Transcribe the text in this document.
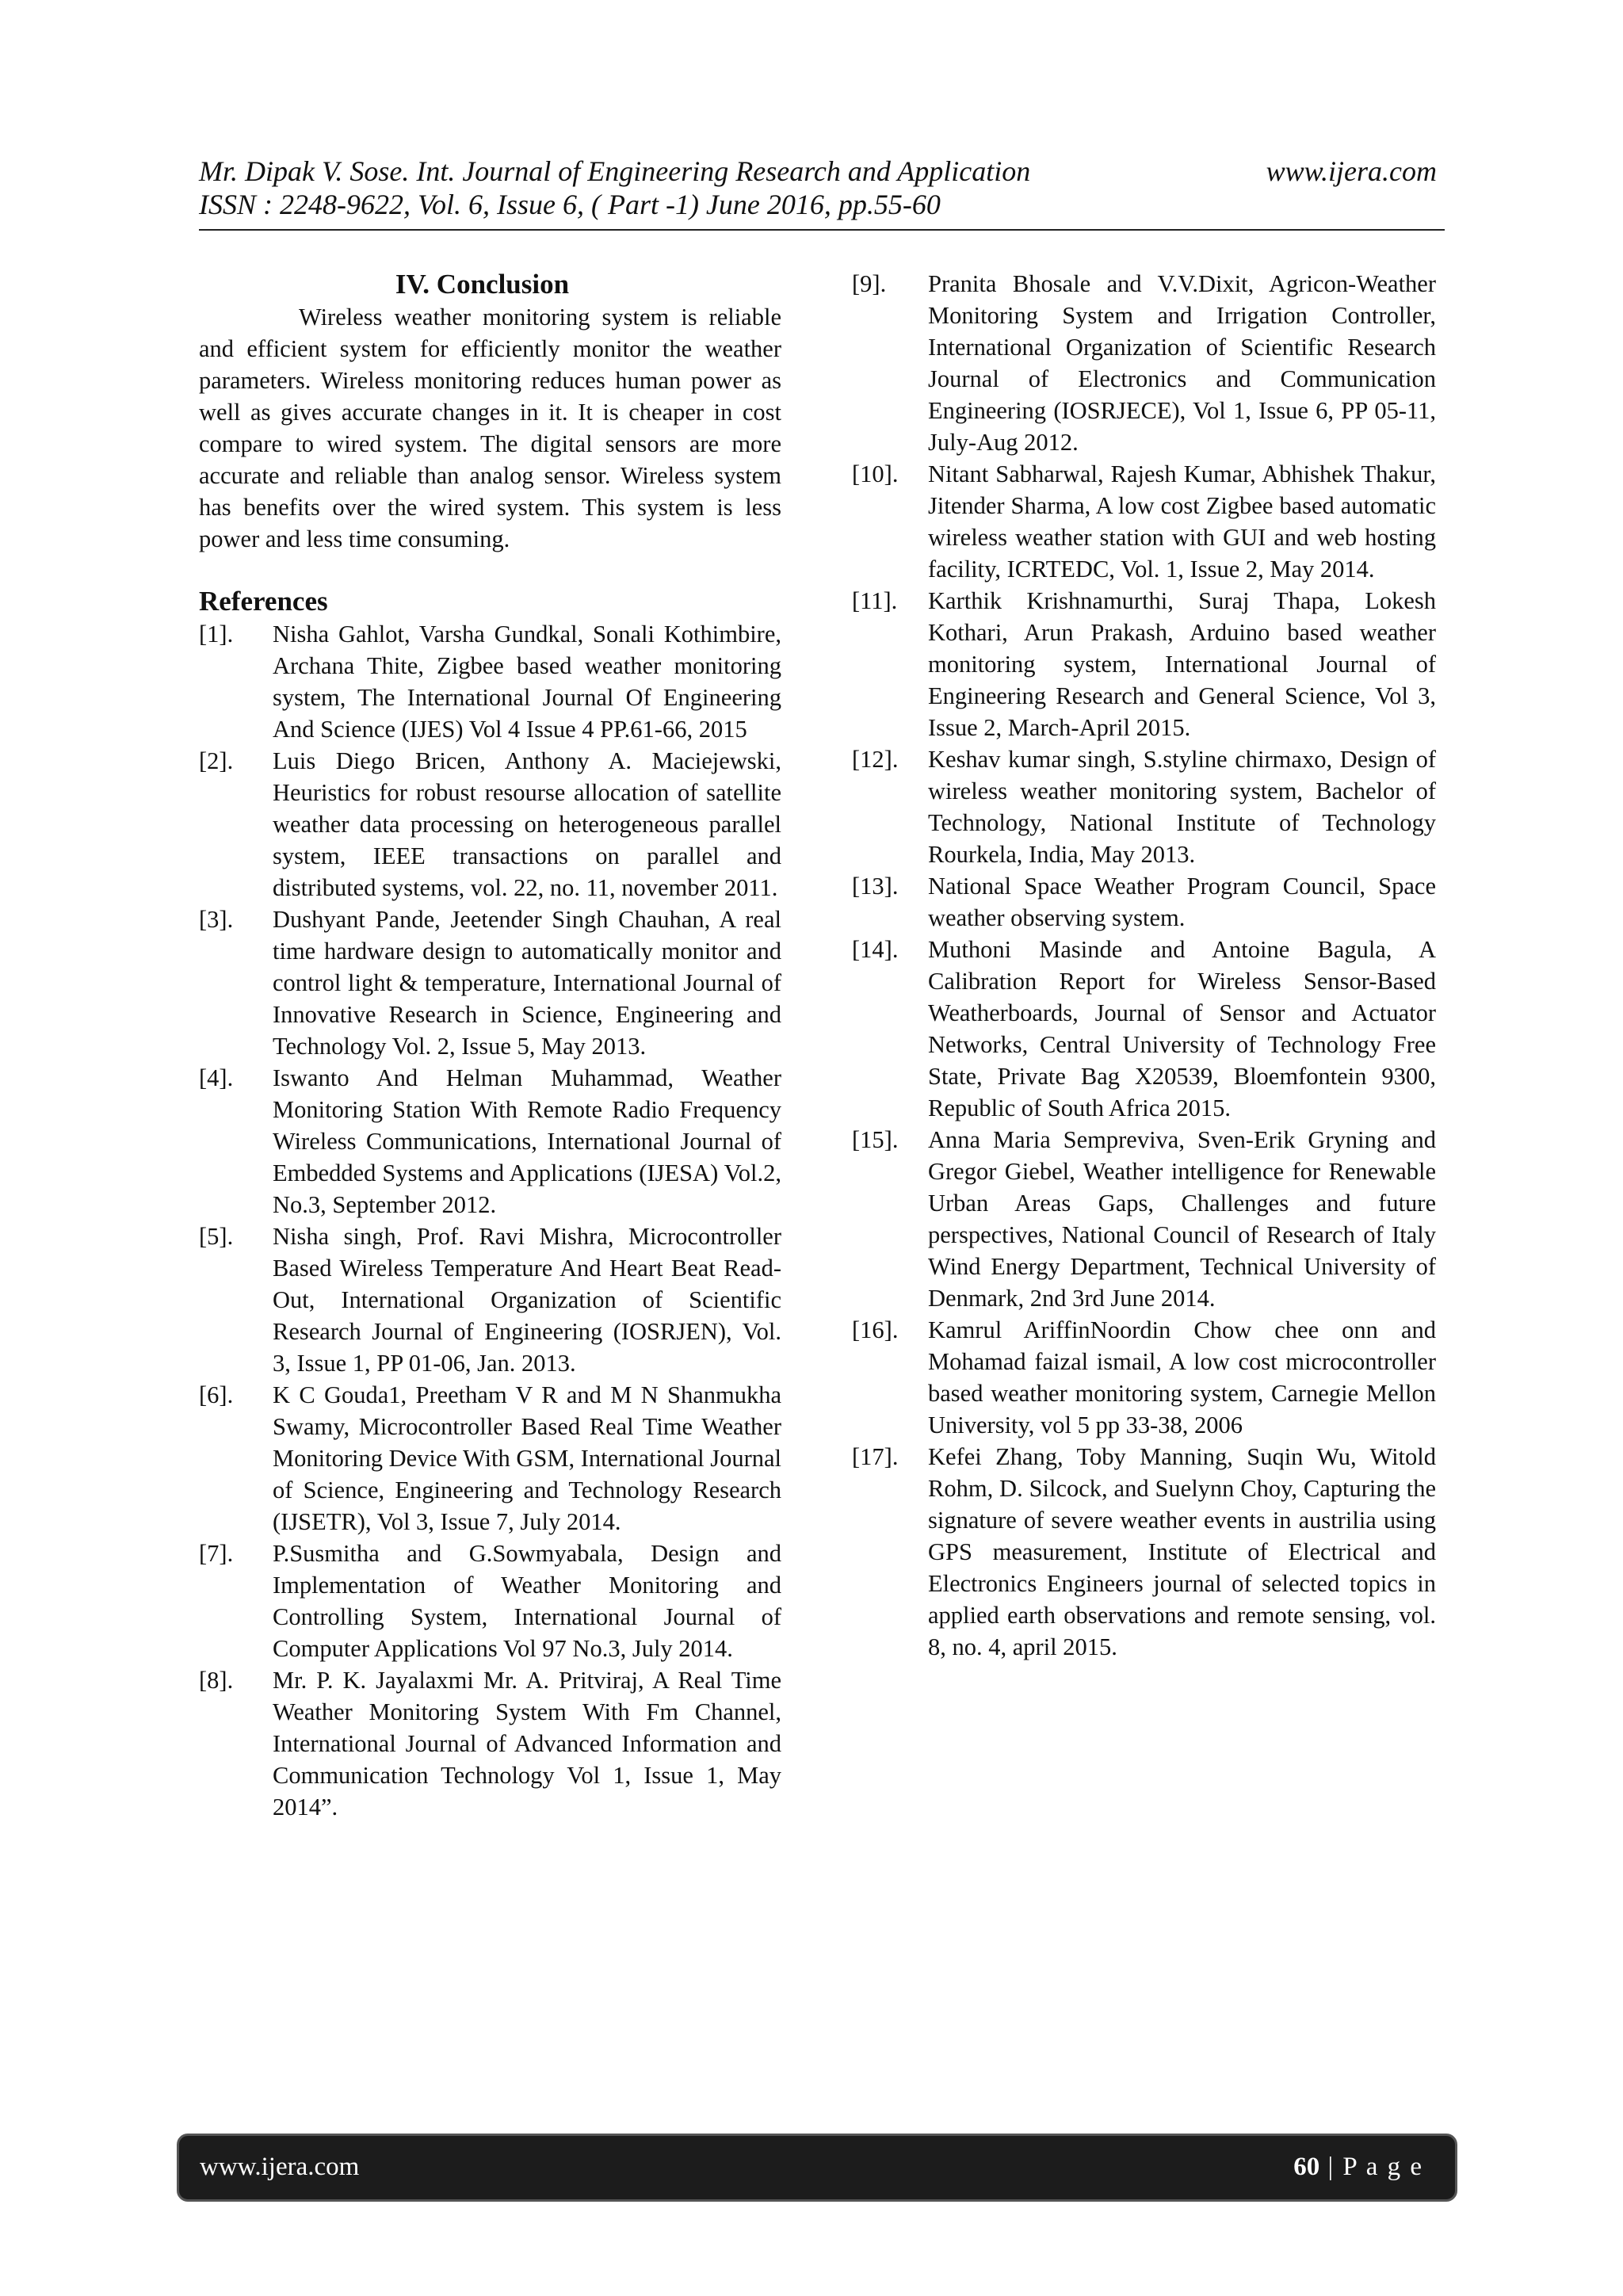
Mr. Dipak V. Sose. Int. Journal of Engineering Research and Application
ISSN : 2248-9622, Vol. 6, Issue 6, ( Part -1) June 2016, pp.55-60
www.ijera.com
IV. Conclusion

Wireless weather monitoring system is reliable and efficient system for efficiently monitor the weather parameters. Wireless monitoring reduces human power as well as gives accurate changes in it. It is cheaper in cost compare to wired system. The digital sensors are more accurate and reliable than analog sensor. Wireless system has benefits over the wired system. This system is less power and less time consuming.

References
[1]. Nisha Gahlot, Varsha Gundkal, Sonali Kothimbire, Archana Thite, Zigbee based weather monitoring system, The International Journal Of Engineering And Science (IJES) Vol 4 Issue 4 PP.61-66, 2015
[2]. Luis Diego Bricen, Anthony A. Maciejewski, Heuristics for robust resourse allocation of satellite weather data processing on heterogeneous parallel system, IEEE transactions on parallel and distributed systems, vol. 22, no. 11, november 2011.
[3]. Dushyant Pande, Jeetender Singh Chauhan, A real time hardware design to automatically monitor and control light & temperature, International Journal of Innovative Research in Science, Engineering and Technology Vol. 2, Issue 5, May 2013.
[4]. Iswanto And Helman Muhammad, Weather Monitoring Station With Remote Radio Frequency Wireless Communications, International Journal of Embedded Systems and Applications (IJESA) Vol.2, No.3, September 2012.
[5]. Nisha singh, Prof. Ravi Mishra, Microcontroller Based Wireless Temperature And Heart Beat Read-Out, International Organization of Scientific Research Journal of Engineering (IOSRJEN), Vol. 3, Issue 1, PP 01-06, Jan. 2013.
[6]. K C Gouda1, Preetham V R and M N Shanmukha Swamy, Microcontroller Based Real Time Weather Monitoring Device With GSM, International Journal of Science, Engineering and Technology Research (IJSETR), Vol 3, Issue 7, July 2014.
[7]. P.Susmitha and G.Sowmyabala, Design and Implementation of Weather Monitoring and Controlling System, International Journal of Computer Applications Vol 97 No.3, July 2014.
[8]. Mr. P. K. Jayalaxmi Mr. A. Pritviraj, A Real Time Weather Monitoring System With Fm Channel, International Journal of Advanced Information and Communication Technology Vol 1, Issue 1, May 2014”.
[9]. Pranita Bhosale and V.V.Dixit, Agricon-Weather Monitoring System and Irrigation Controller, International Organization of Scientific Research Journal of Electronics and Communication Engineering (IOSRJECE), Vol 1, Issue 6, PP 05-11, July-Aug 2012.
[10]. Nitant Sabharwal, Rajesh Kumar, Abhishek Thakur, Jitender Sharma, A low cost Zigbee based automatic wireless weather station with GUI and web hosting facility, ICRTEDC, Vol. 1, Issue 2, May 2014.
[11]. Karthik Krishnamurthi, Suraj Thapa, Lokesh Kothari, Arun Prakash, Arduino based weather monitoring system, International Journal of Engineering Research and General Science, Vol 3, Issue 2, March-April 2015.
[12]. Keshav kumar singh, S.styline chirmaxo, Design of wireless weather monitoring system, Bachelor of Technology, National Institute of Technology Rourkela, India, May 2013.
[13]. National Space Weather Program Council, Space weather observing system.
[14]. Muthoni Masinde and Antoine Bagula, A Calibration Report for Wireless Sensor-Based Weatherboards, Journal of Sensor and Actuator Networks, Central University of Technology Free State, Private Bag X20539, Bloemfontein 9300, Republic of South Africa 2015.
[15]. Anna Maria Sempreviva, Sven-Erik Gryning and Gregor Giebel, Weather intelligence for Renewable Urban Areas Gaps, Challenges and future perspectives, National Council of Research of Italy Wind Energy Department, Technical University of Denmark, 2nd 3rd June 2014.
[16]. Kamrul AriffinNoordin Chow chee onn and Mohamad faizal ismail, A low cost microcontroller based weather monitoring system, Carnegie Mellon University, vol 5 pp 33-38, 2006
[17]. Kefei Zhang, Toby Manning, Suqin Wu, Witold Rohm, D. Silcock, and Suelynn Choy, Capturing the signature of severe weather events in austrilia using GPS measurement, Institute of Electrical and Electronics Engineers journal of selected topics in applied earth observations and remote sensing, vol. 8, no. 4, april 2015.
www.ijera.com	60 | P a g e
